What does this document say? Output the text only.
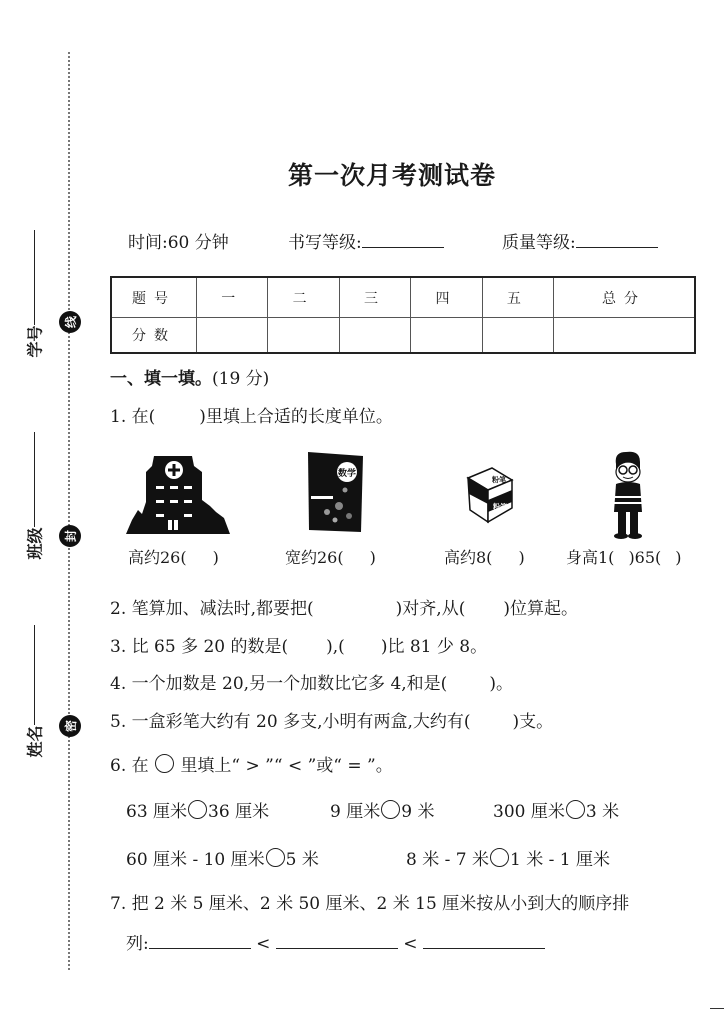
学号
班级
姓名
线
封
密
第一次月考测试卷
时间:60 分钟	书写等级:	质量等级:
题号	一	二	三	四	五	总分
分数						
一、填一填。(19 分)
1. 在(	)里填上合适的长度单位。
数学
粉笔
粉笔
高约26( )	宽约26( )	高约8( )	身高1( )65( )
2. 笔算加、减法时,都要把(	)对齐,从( )位算起。
3. 比 65 多 20 的数是( ),( )比 81 少 8。
4. 一个加数是 20,另一个加数比它多 4,和是( )。
5. 一盒彩笔大约有 20 多支,小明有两盒,大约有( )支。
6. 在 里填上“ > ”“ < ”或“ = ”。
63 厘米 36 厘米	9 厘米 9 米	300 厘米 3 米
60 厘米 - 10 厘米 5 米	8 米 - 7 米 1 米 - 1 厘米
7. 把 2 米 5 厘米、2 米 50 厘米、2 米 15 厘米按从小到大的顺序排
列:	<	<
